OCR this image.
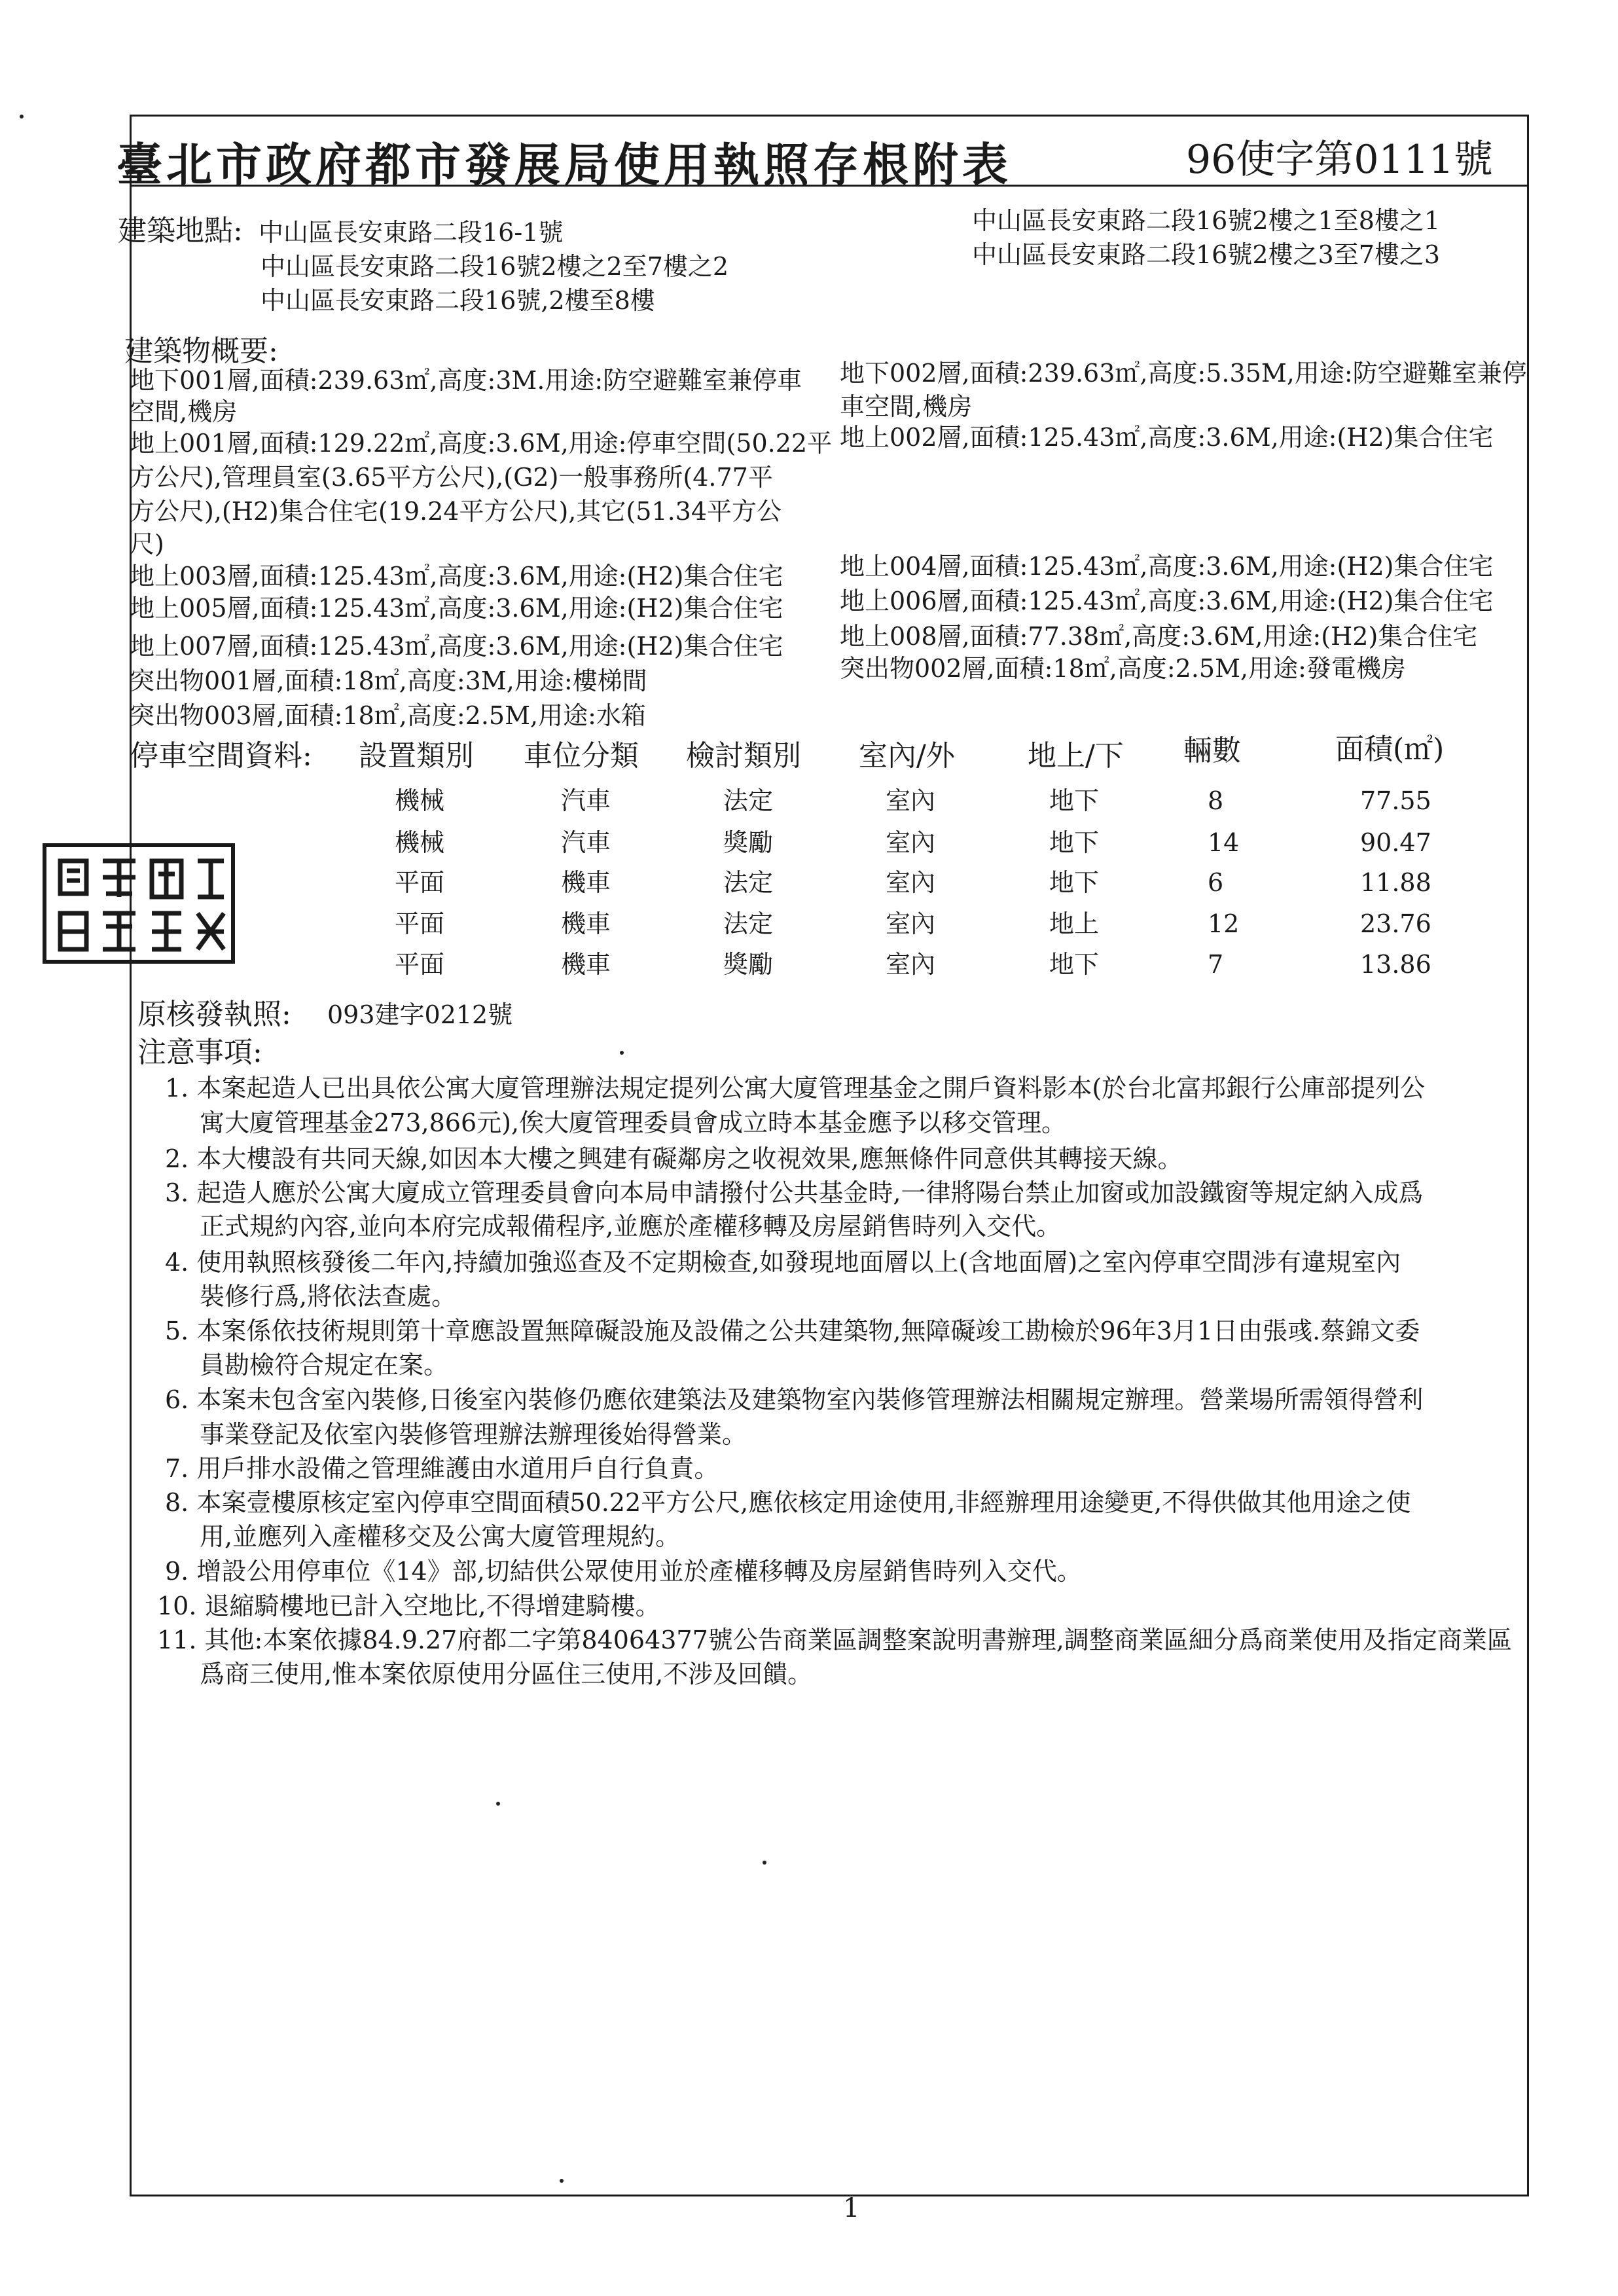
臺北市政府都市發展局使用執照存根附表	96使字第0111號
建築地點: 中山區長安東路二段16-1號
中山區長安東路二段16號2樓之2至7樓之2
中山區長安東路二段16號,2樓至8樓
中山區長安東路二段16號2樓之1至8樓之1
中山區長安東路二段16號2樓之3至7樓之3
建築物概要:
地下001層,面積:239.63㎡,高度:3M.用途:防空避難室兼停車
空間,機房
地上001層,面積:129.22㎡,高度:3.6M,用途:停車空間(50.22平
方公尺),管理員室(3.65平方公尺),(G2)一般事務所(4.77平
方公尺),(H2)集合住宅(19.24平方公尺),其它(51.34平方公
尺)
地上003層,面積:125.43㎡,高度:3.6M,用途:(H2)集合住宅
地上005層,面積:125.43㎡,高度:3.6M,用途:(H2)集合住宅
地上007層,面積:125.43㎡,高度:3.6M,用途:(H2)集合住宅
突出物001層,面積:18㎡,高度:3M,用途:樓梯間
突出物003層,面積:18㎡,高度:2.5M,用途:水箱
地下002層,面積:239.63㎡,高度:5.35M,用途:防空避難室兼停
車空間,機房
地上002層,面積:125.43㎡,高度:3.6M,用途:(H2)集合住宅
地上004層,面積:125.43㎡,高度:3.6M,用途:(H2)集合住宅
地上006層,面積:125.43㎡,高度:3.6M,用途:(H2)集合住宅
地上008層,面積:77.38㎡,高度:3.6M,用途:(H2)集合住宅
突出物002層,面積:18㎡,高度:2.5M,用途:發電機房
停車空間資料: 設置類別 車位分類 檢討類別 室內/外	地上/下 輛數	面積(㎡)
機械	汽車	法定	室內	地下	8	77.55
機械	汽車	獎勵	室內	地下	14	90.47
平面	機車	法定	室內	地下	6	11.88
平面	機車	法定	室內	地上	12	23.76
平面	機車	獎勵	室內	地下	7	13.86
原核發執照: 093建字0212號
注意事項:
1. 本案起造人已出具依公寓大廈管理辦法規定提列公寓大廈管理基金之開戶資料影本(於台北富邦銀行公庫部提列公
寓大廈管理基金273,866元),俟大廈管理委員會成立時本基金應予以移交管理。
2. 本大樓設有共同天線,如因本大樓之興建有礙鄰房之收視效果,應無條件同意供其轉接天線。
3. 起造人應於公寓大廈成立管理委員會向本局申請撥付公共基金時,一律將陽台禁止加窗或加設鐵窗等規定納入成爲
正式規約內容,並向本府完成報備程序,並應於產權移轉及房屋銷售時列入交代。
4. 使用執照核發後二年內,持續加強巡查及不定期檢查,如發現地面層以上(含地面層)之室內停車空間涉有違規室內
裝修行爲,將依法查處。
5. 本案係依技術規則第十章應設置無障礙設施及設備之公共建築物,無障礙竣工勘檢於96年3月1日由張彧.蔡錦文委
員勘檢符合規定在案。
6. 本案未包含室內裝修,日後室內裝修仍應依建築法及建築物室內裝修管理辦法相關規定辦理。營業場所需領得營利
事業登記及依室內裝修管理辦法辦理後始得營業。
7. 用戶排水設備之管理維護由水道用戶自行負責。
8. 本案壹樓原核定室內停車空間面積50.22平方公尺,應依核定用途使用,非經辦理用途變更,不得供做其他用途之使
用,並應列入產權移交及公寓大廈管理規約。
9. 增設公用停車位《14》部,切結供公眾使用並於產權移轉及房屋銷售時列入交代。
10. 退縮騎樓地已計入空地比,不得增建騎樓。
11. 其他:本案依據84.9.27府都二字第84064377號公告商業區調整案說明書辦理,調整商業區細分爲商業使用及指定商業區
爲商三使用,惟本案依原使用分區住三使用,不涉及回饋。
1
